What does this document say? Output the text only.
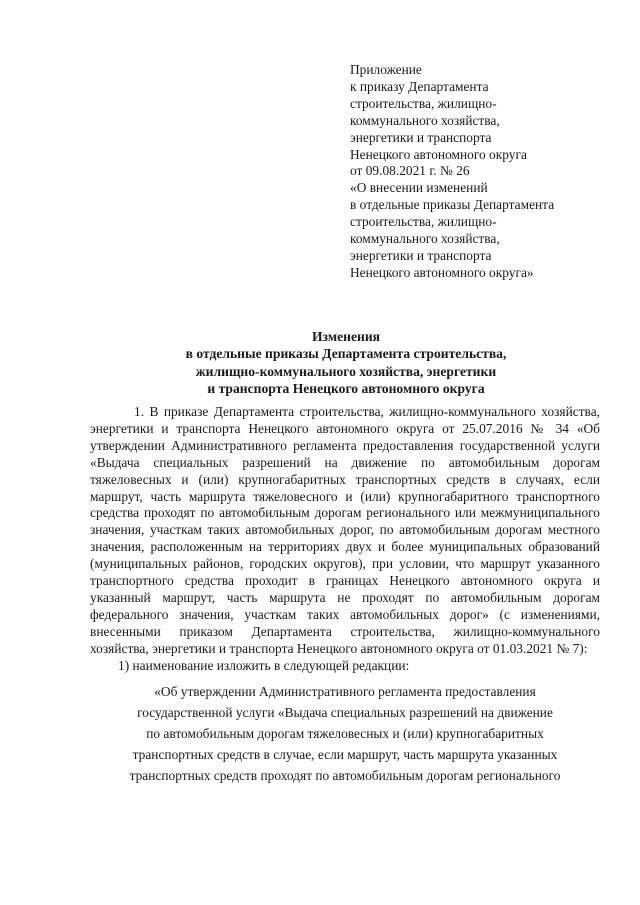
Приложение
к приказу Департамента
строительства, жилищно-
коммунального хозяйства,
энергетики и транспорта
Ненецкого автономного округа
от 09.08.2021 г. № 26
«О внесении изменений
в отдельные приказы Департамента
строительства, жилищно-
коммунального хозяйства,
энергетики и транспорта
Ненецкого автономного округа»
Изменения
в отдельные приказы Департамента строительства,
жилищно-коммунального хозяйства, энергетики
и транспорта Ненецкого автономного округа

1. В приказе Департамента строительства, жилищно-коммунального хозяйства, энергетики и транспорта Ненецкого автономного округа от 25.07.2016 № 34 «Об утверждении Административного регламента предоставления государственной услуги «Выдача специальных разрешений на движение по автомобильным дорогам тяжеловесных и (или) крупногабаритных транспортных средств в случаях, если маршрут, часть маршрута тяжеловесного и (или) крупногабаритного транспортного средства проходят по автомобильным дорогам регионального или межмуниципального значения, участкам таких автомобильных дорог, по автомобильным дорогам местного значения, расположенным на территориях двух и более муниципальных образований (муниципальных районов, городских округов), при условии, что маршрут указанного транспортного средства проходит в границах Ненецкого автономного округа и указанный маршрут, часть маршрута не проходят по автомобильным дорогам федерального значения, участкам таких автомобильных дорог» (с изменениями, внесенными приказом Департамента строительства, жилищно-коммунального хозяйства, энергетики и транспорта Ненецкого автономного округа от 01.03.2021 № 7):

1) наименование изложить в следующей редакции:

«Об утверждении Административного регламента предоставления
государственной услуги «Выдача специальных разрешений на движение
по автомобильным дорогам тяжеловесных и (или) крупногабаритных
транспортных средств в случае, если маршрут, часть маршрута указанных
транспортных средств проходят по автомобильным дорогам регионального
